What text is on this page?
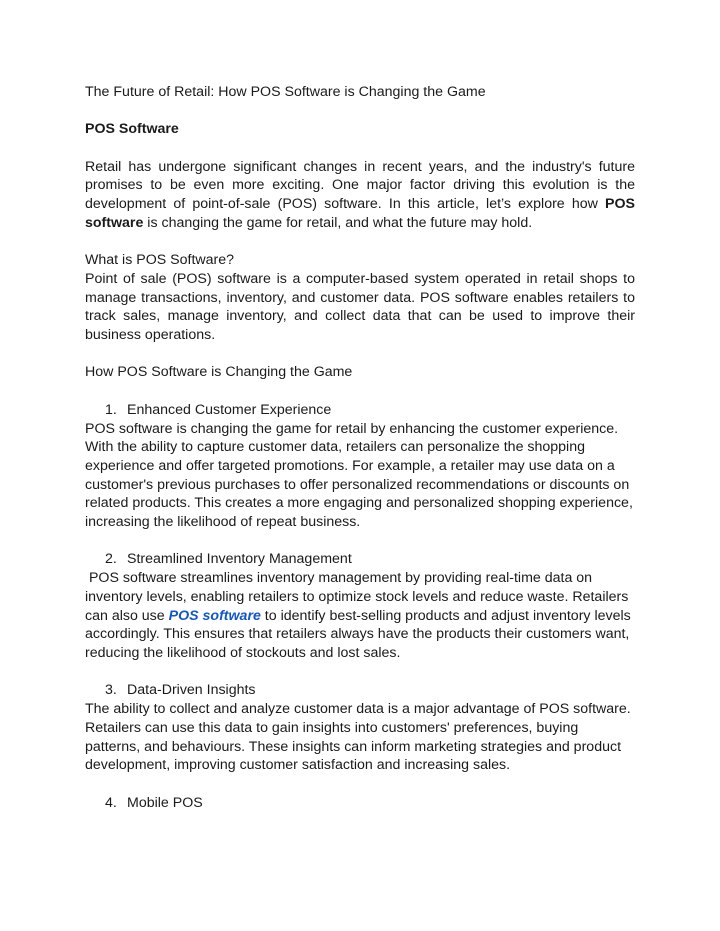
The Future of Retail: How POS Software is Changing the Game

POS Software

Retail has undergone significant changes in recent years, and the industry's future promises to be even more exciting. One major factor driving this evolution is the development of point-of-sale (POS) software. In this article, let’s explore how POS software is changing the game for retail, and what the future may hold.

What is POS Software?

Point of sale (POS) software is a computer-based system operated in retail shops to manage transactions, inventory, and customer data. POS software enables retailers to track sales, manage inventory, and collect data that can be used to improve their business operations.

How POS Software is Changing the Game

1. Enhanced Customer Experience

POS software is changing the game for retail by enhancing the customer experience. With the ability to capture customer data, retailers can personalize the shopping experience and offer targeted promotions. For example, a retailer may use data on a customer's previous purchases to offer personalized recommendations or discounts on related products. This creates a more engaging and personalized shopping experience, increasing the likelihood of repeat business.

2. Streamlined Inventory Management

POS software streamlines inventory management by providing real-time data on inventory levels, enabling retailers to optimize stock levels and reduce waste. Retailers can also use POS software to identify best-selling products and adjust inventory levels accordingly. This ensures that retailers always have the products their customers want, reducing the likelihood of stockouts and lost sales.

3. Data-Driven Insights

The ability to collect and analyze customer data is a major advantage of POS software. Retailers can use this data to gain insights into customers' preferences, buying patterns, and behaviours. These insights can inform marketing strategies and product development, improving customer satisfaction and increasing sales.

4. Mobile POS
